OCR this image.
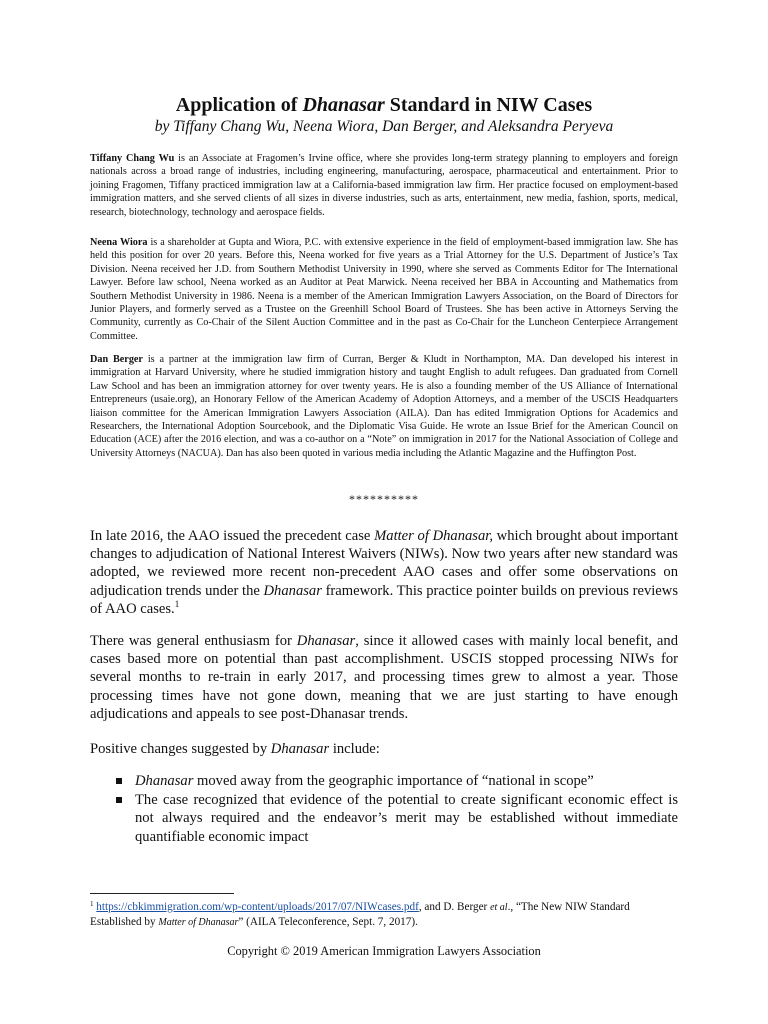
Application of Dhanasar Standard in NIW Cases
by Tiffany Chang Wu, Neena Wiora, Dan Berger, and Aleksandra Peryeva

Tiffany Chang Wu is an Associate at Fragomen’s Irvine office, where she provides long-term strategy planning to employers and foreign nationals across a broad range of industries, including engineering, manufacturing, aerospace, pharmaceutical and entertainment. Prior to joining Fragomen, Tiffany practiced immigration law at a California-based immigration law firm. Her practice focused on employment-based immigration matters, and she served clients of all sizes in diverse industries, such as arts, entertainment, new media, fashion, sports, medical, research, biotechnology, technology and aerospace fields.

Neena Wiora is a shareholder at Gupta and Wiora, P.C. with extensive experience in the field of employment-based immigration law. She has held this position for over 20 years. Before this, Neena worked for five years as a Trial Attorney for the U.S. Department of Justice’s Tax Division. Neena received her J.D. from Southern Methodist University in 1990, where she served as Comments Editor for The International Lawyer. Before law school, Neena worked as an Auditor at Peat Marwick. Neena received her BBA in Accounting and Mathematics from Southern Methodist University in 1986. Neena is a member of the American Immigration Lawyers Association, on the Board of Directors for Junior Players, and formerly served as a Trustee on the Greenhill School Board of Trustees. She has been active in Attorneys Serving the Community, currently as Co-Chair of the Silent Auction Committee and in the past as Co-Chair for the Luncheon Centerpiece Arrangement Committee.

Dan Berger is a partner at the immigration law firm of Curran, Berger & Kludt in Northampton, MA. Dan developed his interest in immigration at Harvard University, where he studied immigration history and taught English to adult refugees. Dan graduated from Cornell Law School and has been an immigration attorney for over twenty years. He is also a founding member of the US Alliance of International Entrepreneurs (usaie.org), an Honorary Fellow of the American Academy of Adoption Attorneys, and a member of the USCIS Headquarters liaison committee for the American Immigration Lawyers Association (AILA). Dan has edited Immigration Options for Academics and Researchers, the International Adoption Sourcebook, and the Diplomatic Visa Guide. He wrote an Issue Brief for the American Council on Education (ACE) after the 2016 election, and was a co-author on a “Note” on immigration in 2017 for the National Association of College and University Attorneys (NACUA). Dan has also been quoted in various media including the Atlantic Magazine and the Huffington Post.

**********

In late 2016, the AAO issued the precedent case Matter of Dhanasar, which brought about important changes to adjudication of National Interest Waivers (NIWs). Now two years after new standard was adopted, we reviewed more recent non-precedent AAO cases and offer some observations on adjudication trends under the Dhanasar framework. This practice pointer builds on previous reviews of AAO cases.$^1$

There was general enthusiasm for Dhanasar, since it allowed cases with mainly local benefit, and cases based more on potential than past accomplishment. USCIS stopped processing NIWs for several months to re-train in early 2017, and processing times grew to almost a year. Those processing times have not gone down, meaning that we are just starting to have enough adjudications and appeals to see post-Dhanasar trends.

Positive changes suggested by Dhanasar include:

Dhanasar moved away from the geographic importance of “national in scope”
The case recognized that evidence of the potential to create significant economic effect is not always required and the endeavor’s merit may be established without immediate quantifiable economic impact

$^1$ https://cbkimmigration.com/wp-content/uploads/2017/07/NIWcases.pdf, and D. Berger et al., “The New NIW Standard Established by Matter of Dhanasar” (AILA Teleconference, Sept. 7, 2017).

Copyright © 2019 American Immigration Lawyers Association
